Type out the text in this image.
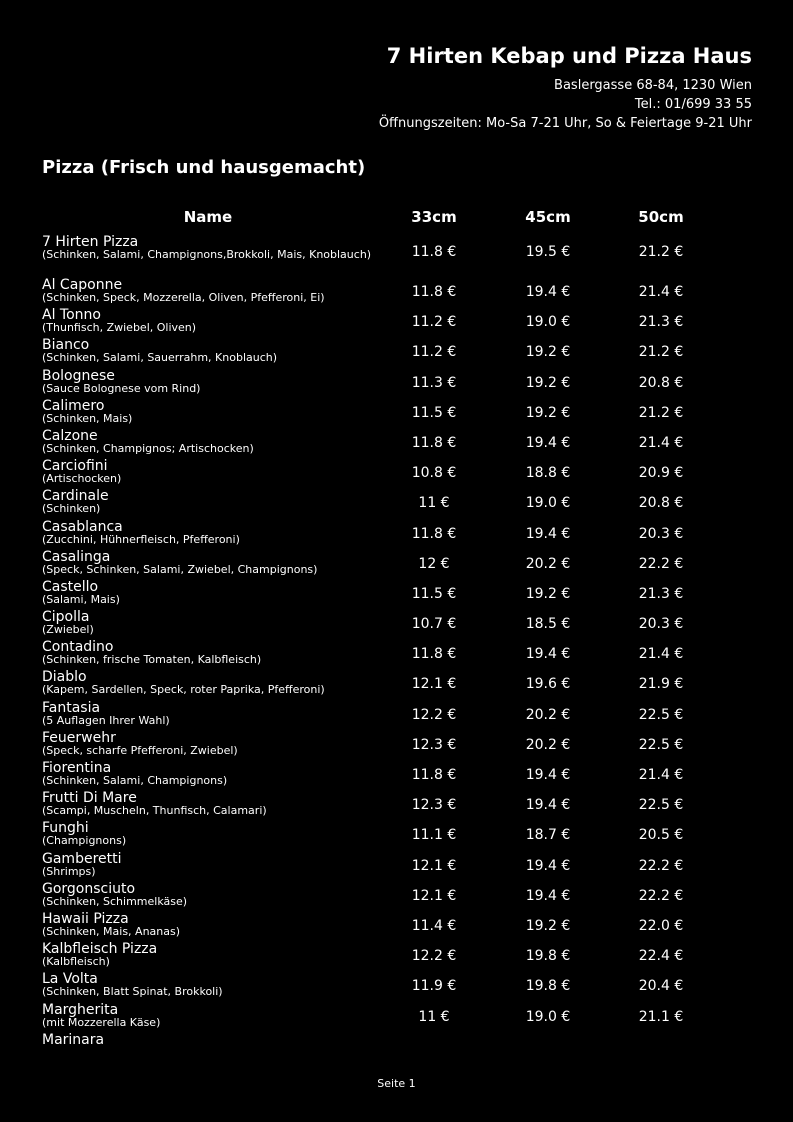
7 Hirten Kebap und Pizza Haus
Baslergasse 68-84, 1230 Wien
Tel.: 01/699 33 55
Öffnungszeiten: Mo-Sa 7-21 Uhr, So & Feiertage 9-21 Uhr
Pizza (Frisch und hausgemacht)
Name	33cm	45cm	50cm
7 Hirten Pizza
(Schinken, Salami, Champignons,Brokkoli, Mais, Knoblauch)	11.8 €	19.5 €	21.2 €
Al Caponne
(Schinken, Speck, Mozzerella, Oliven, Pfefferoni, Ei)	11.8 €	19.4 €	21.4 €
Al Tonno
(Thunfisch, Zwiebel, Oliven)	11.2 €	19.0 €	21.3 €
Bianco
(Schinken, Salami, Sauerrahm, Knoblauch)	11.2 €	19.2 €	21.2 €
Bolognese
(Sauce Bolognese vom Rind)	11.3 €	19.2 €	20.8 €
Calimero
(Schinken, Mais)	11.5 €	19.2 €	21.2 €
Calzone
(Schinken, Champignos; Artischocken)	11.8 €	19.4 €	21.4 €
Carciofini
(Artischocken)	10.8 €	18.8 €	20.9 €
Cardinale
(Schinken)	11 €	19.0 €	20.8 €
Casablanca
(Zucchini, Hühnerfleisch, Pfefferoni)	11.8 €	19.4 €	20.3 €
Casalinga
(Speck, Schinken, Salami, Zwiebel, Champignons)	12 €	20.2 €	22.2 €
Castello
(Salami, Mais)	11.5 €	19.2 €	21.3 €
Cipolla
(Zwiebel)	10.7 €	18.5 €	20.3 €
Contadino
(Schinken, frische Tomaten, Kalbfleisch)	11.8 €	19.4 €	21.4 €
Diablo
(Kapem, Sardellen, Speck, roter Paprika, Pfefferoni)	12.1 €	19.6 €	21.9 €
Fantasia
(5 Auflagen Ihrer Wahl)	12.2 €	20.2 €	22.5 €
Feuerwehr
(Speck, scharfe Pfefferoni, Zwiebel)	12.3 €	20.2 €	22.5 €
Fiorentina
(Schinken, Salami, Champignons)	11.8 €	19.4 €	21.4 €
Frutti Di Mare
(Scampi, Muscheln, Thunfisch, Calamari)	12.3 €	19.4 €	22.5 €
Funghi
(Champignons)	11.1 €	18.7 €	20.5 €
Gamberetti
(Shrimps)	12.1 €	19.4 €	22.2 €
Gorgonsciuto
(Schinken, Schimmelkäse)	12.1 €	19.4 €	22.2 €
Hawaii Pizza
(Schinken, Mais, Ananas)	11.4 €	19.2 €	22.0 €
Kalbfleisch Pizza
(Kalbfleisch)	12.2 €	19.8 €	22.4 €
La Volta
(Schinken, Blatt Spinat, Brokkoli)	11.9 €	19.8 €	20.4 €
Margherita
(mit Mozzerella Käse)	11 €	19.0 €	21.1 €
Marinara
Seite 1
